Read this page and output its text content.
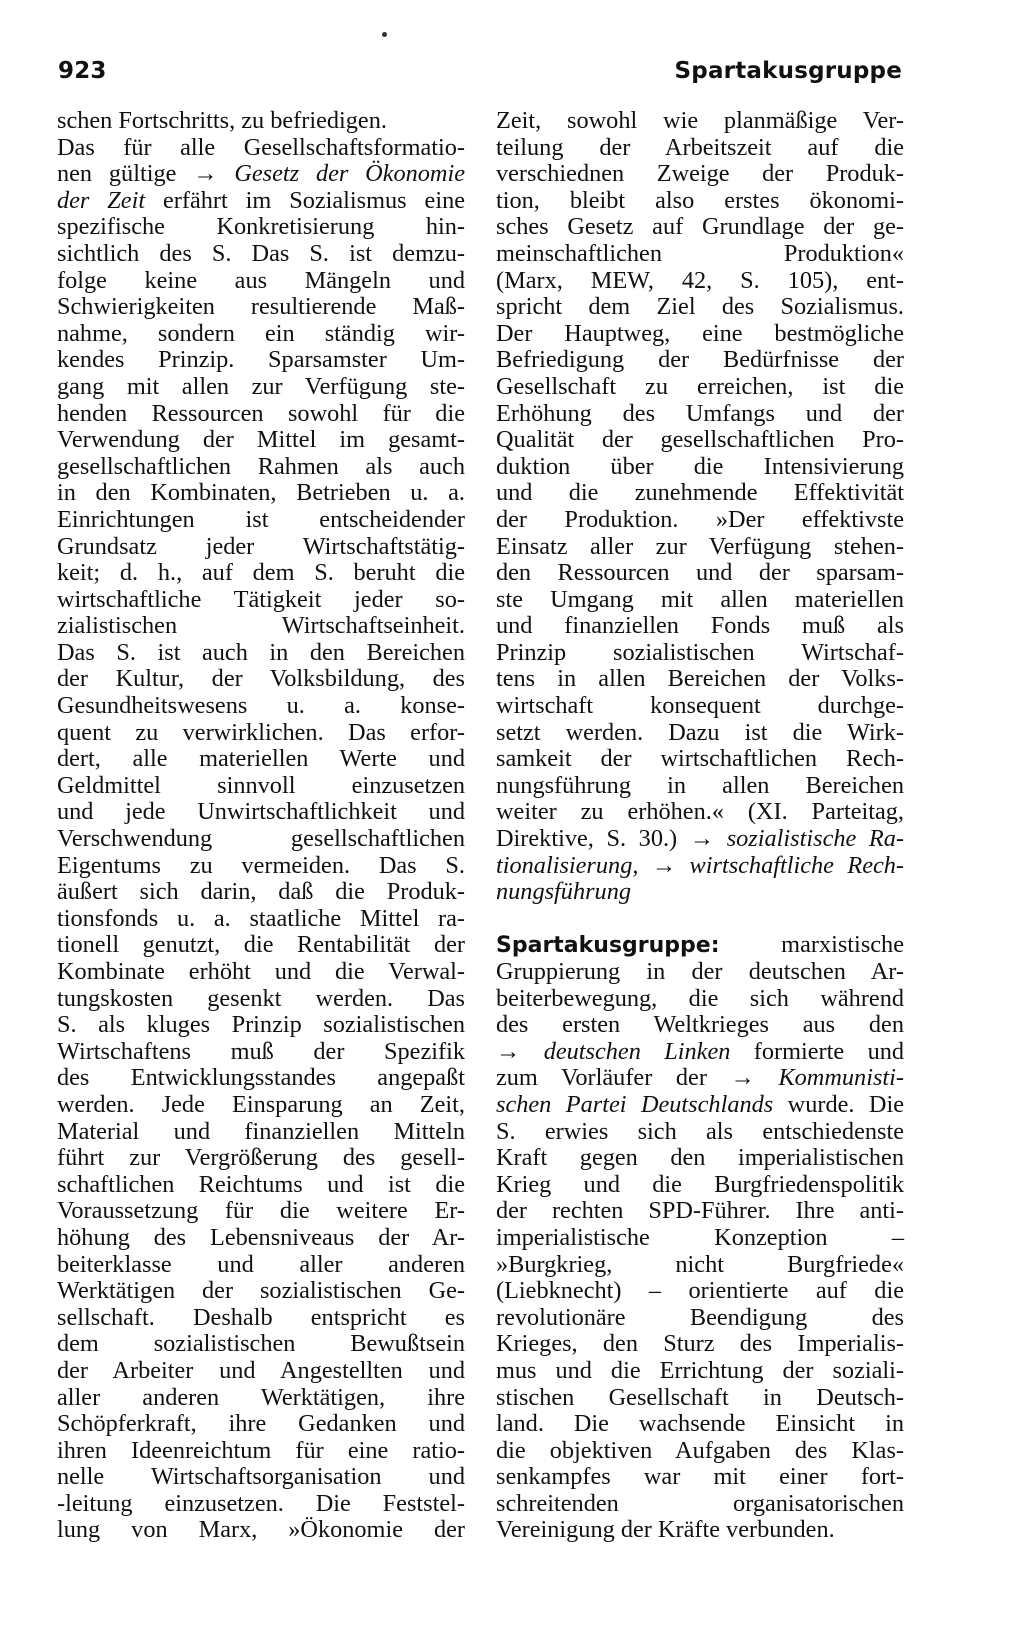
923	Spartakusgruppe
schen Fortschritts, zu befriedigen.
Das für alle Gesellschaftsformatio-
nen gültige → Gesetz der Ökonomie
der Zeit erfährt im Sozialismus eine
spezifische Konkretisierung hin-
sichtlich des S. Das S. ist demzu-
folge keine aus Mängeln und
Schwierigkeiten resultierende Maß-
nahme, sondern ein ständig wir-
kendes Prinzip. Sparsamster Um-
gang mit allen zur Verfügung ste-
henden Ressourcen sowohl für die
Verwendung der Mittel im gesamt-
gesellschaftlichen Rahmen als auch
in den Kombinaten, Betrieben u. a.
Einrichtungen ist entscheidender
Grundsatz jeder Wirtschaftstätig-
keit; d. h., auf dem S. beruht die
wirtschaftliche Tätigkeit jeder so-
zialistischen Wirtschaftseinheit.
Das S. ist auch in den Bereichen
der Kultur, der Volksbildung, des
Gesundheitswesens u. a. konse-
quent zu verwirklichen. Das erfor-
dert, alle materiellen Werte und
Geldmittel sinnvoll einzusetzen
und jede Unwirtschaftlichkeit und
Verschwendung gesellschaftlichen
Eigentums zu vermeiden. Das S.
äußert sich darin, daß die Produk-
tionsfonds u. a. staatliche Mittel ra-
tionell genutzt, die Rentabilität der
Kombinate erhöht und die Verwal-
tungskosten gesenkt werden. Das
S. als kluges Prinzip sozialistischen
Wirtschaftens muß der Spezifik
des Entwicklungsstandes angepaßt
werden. Jede Einsparung an Zeit,
Material und finanziellen Mitteln
führt zur Vergrößerung des gesell-
schaftlichen Reichtums und ist die
Voraussetzung für die weitere Er-
höhung des Lebensniveaus der Ar-
beiterklasse und aller anderen
Werktätigen der sozialistischen Ge-
sellschaft. Deshalb entspricht es
dem sozialistischen Bewußtsein
der Arbeiter und Angestellten und
aller anderen Werktätigen, ihre
Schöpferkraft, ihre Gedanken und
ihren Ideenreichtum für eine ratio-
nelle Wirtschaftsorganisation und
-leitung einzusetzen. Die Feststel-
lung von Marx, »Ökonomie der
Zeit, sowohl wie planmäßige Ver-
teilung der Arbeitszeit auf die
verschiednen Zweige der Produk-
tion, bleibt also erstes ökonomi-
sches Gesetz auf Grundlage der ge-
meinschaftlichen Produktion«
(Marx, MEW, 42, S. 105), ent-
spricht dem Ziel des Sozialismus.
Der Hauptweg, eine bestmögliche
Befriedigung der Bedürfnisse der
Gesellschaft zu erreichen, ist die
Erhöhung des Umfangs und der
Qualität der gesellschaftlichen Pro-
duktion über die Intensivierung
und die zunehmende Effektivität
der Produktion. »Der effektivste
Einsatz aller zur Verfügung stehen-
den Ressourcen und der sparsam-
ste Umgang mit allen materiellen
und finanziellen Fonds muß als
Prinzip sozialistischen Wirtschaf-
tens in allen Bereichen der Volks-
wirtschaft konsequent durchge-
setzt werden. Dazu ist die Wirk-
samkeit der wirtschaftlichen Rech-
nungsführung in allen Bereichen
weiter zu erhöhen.« (XI. Parteitag,
Direktive, S. 30.) → sozialistische Ra-
tionalisierung, → wirtschaftliche Rech-
nungsführung
Spartakusgruppe: marxistische
Gruppierung in der deutschen Ar-
beiterbewegung, die sich während
des ersten Weltkrieges aus den
→ deutschen Linken formierte und
zum Vorläufer der → Kommunisti-
schen Partei Deutschlands wurde. Die
S. erwies sich als entschiedenste
Kraft gegen den imperialistischen
Krieg und die Burgfriedenspolitik
der rechten SPD-Führer. Ihre anti-
imperialistische Konzeption –
»Burgkrieg, nicht Burgfriede«
(Liebknecht) – orientierte auf die
revolutionäre Beendigung des
Krieges, den Sturz des Imperialis-
mus und die Errichtung der soziali-
stischen Gesellschaft in Deutsch-
land. Die wachsende Einsicht in
die objektiven Aufgaben des Klas-
senkampfes war mit einer fort-
schreitenden organisatorischen
Vereinigung der Kräfte verbunden.
